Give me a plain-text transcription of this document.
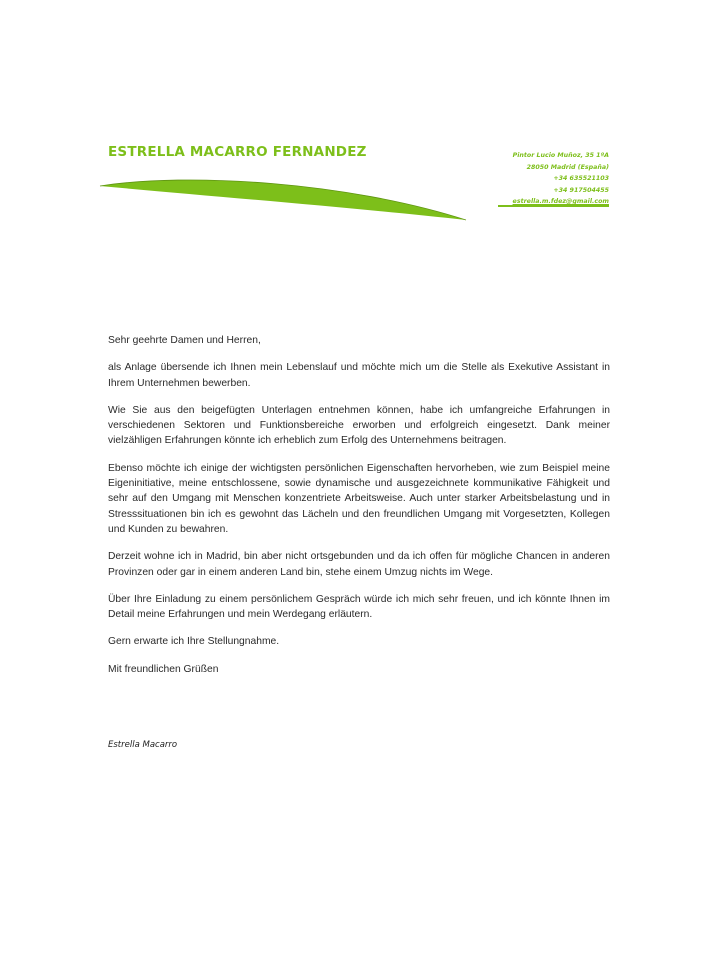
ESTRELLA MACARRO FERNANDEZ	Pintor Lucio Muñoz, 35 1ºA
28050 Madrid (España)
+34 635521103
+34 917504455
estrella.m.fdez@gmail.com

Sehr geehrte Damen und Herren,

als Anlage übersende ich Ihnen mein Lebenslauf und möchte mich um die Stelle als Exekutive Assistant in Ihrem Unternehmen bewerben.

Wie Sie aus den beigefügten Unterlagen entnehmen können, habe ich umfangreiche Erfahrungen in verschiedenen Sektoren und Funktionsbereiche erworben und erfolgreich eingesetzt. Dank meiner vielzähligen Erfahrungen könnte ich erheblich zum Erfolg des Unternehmens beitragen.

Ebenso möchte ich einige der wichtigsten persönlichen Eigenschaften hervorheben, wie zum Beispiel meine Eigeninitiative, meine entschlossene, sowie dynamische und ausgezeichnete kommunikative Fähigkeit und sehr auf den Umgang mit Menschen konzentriete Arbeitsweise. Auch unter starker Arbeitsbelastung und in Stresssituationen bin ich es gewohnt das Lächeln und den freundlichen Umgang mit Vorgesetzten, Kollegen und Kunden zu bewahren.

Derzeit wohne ich in Madrid, bin aber nicht ortsgebunden und da ich offen für mögliche Chancen in anderen Provinzen oder gar in einem anderen Land bin, stehe einem Umzug nichts im Wege.

Über Ihre Einladung zu einem persönlichem Gespräch würde ich mich sehr freuen, und ich könnte Ihnen im Detail meine Erfahrungen und mein Werdegang erläutern.

Gern erwarte ich Ihre Stellungnahme.

Mit freundlichen Grüßen

Estrella Macarro
